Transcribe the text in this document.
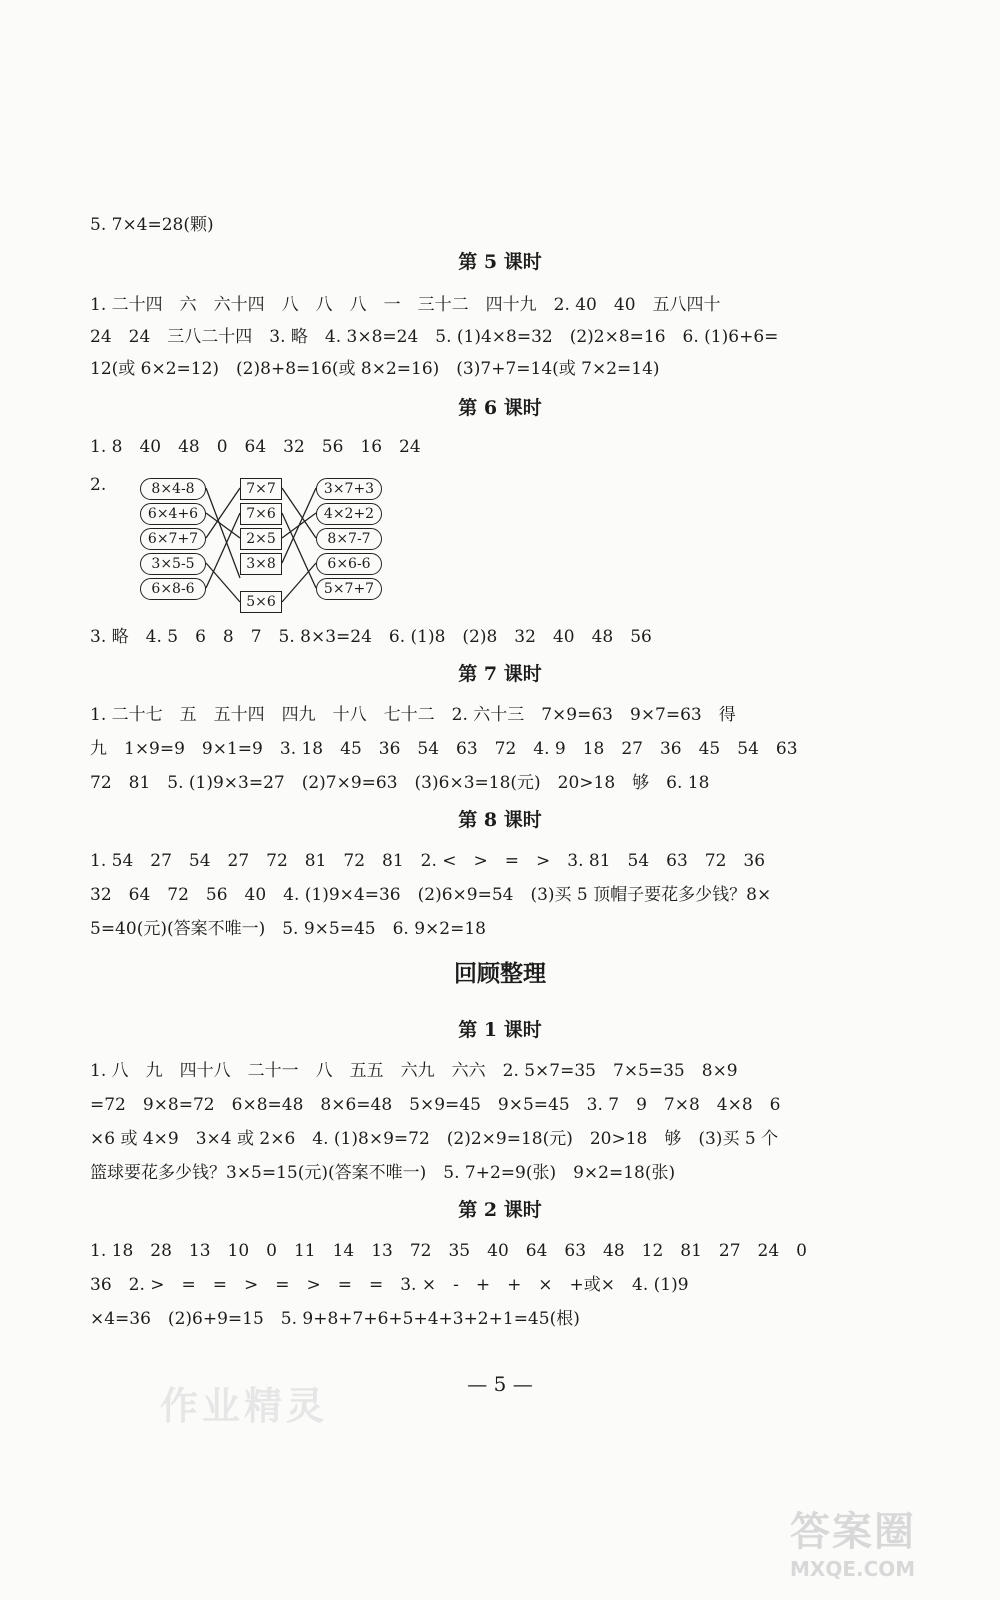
5. 7×4=28(颗)
第 5 课时
1. 二十四　六　六十四　八　八　八　一　三十二　四十九　2. 40　40　五八四十
24　24　三八二十四　3. 略　4. 3×8=24　5. (1)4×8=32　(2)2×8=16　6. (1)6+6=
12(或 6×2=12)　(2)8+8=16(或 8×2=16)　(3)7+7=14(或 7×2=14)
第 6 课时
1. 8　40　48　0　64　32　56　16　24
2.	8×4-8
6×4+6
6×7+7
3×5-5
6×8-6
7×7
7×6
2×5
3×8
5×6
3×7+3
4×2+2
8×7-7
6×6-6
5×7+7
3. 略　4. 5　6　8　7　5. 8×3=24　6. (1)8　(2)8　32　40　48　56
第 7 课时
1. 二十七　五　五十四　四九　十八　七十二　2. 六十三　7×9=63　9×7=63　得
九　1×9=9　9×1=9　3. 18　45　36　54　63　72　4. 9　18　27　36　45　54　63
72　81　5. (1)9×3=27　(2)7×9=63　(3)6×3=18(元)　20>18　够　6. 18
第 8 课时
1. 54　27　54　27　72　81　72　81　2. <　>　=　>　3. 81　54　63　72　36
32　64　72　56　40　4. (1)9×4=36　(2)6×9=54　(3)买 5 顶帽子要花多少钱？8×
5=40(元)(答案不唯一)　5. 9×5=45　6. 9×2=18
回顾整理
第 1 课时
1. 八　九　四十八　二十一　八　五五　六九　六六　2. 5×7=35　7×5=35　8×9
=72　9×8=72　6×8=48　8×6=48　5×9=45　9×5=45　3. 7　9　7×8　4×8　6
×6 或 4×9　3×4 或 2×6　4. (1)8×9=72　(2)2×9=18(元)　20>18　够　(3)买 5 个
篮球要花多少钱？3×5=15(元)(答案不唯一)　5. 7+2=9(张)　9×2=18(张)
第 2 课时
1. 18　28　13　10　0　11　14　13　72　35　40　64　63　48　12　81　27　24　0
36　2. >　=　=　>　=　>　=　=　3. ×　-　+　+　×　+或×　4. (1)9
×4=36　(2)6+9=15　5. 9+8+7+6+5+4+3+2+1=45(根)
— 5 —
作业精灵
答案圈
MXQE.COM
